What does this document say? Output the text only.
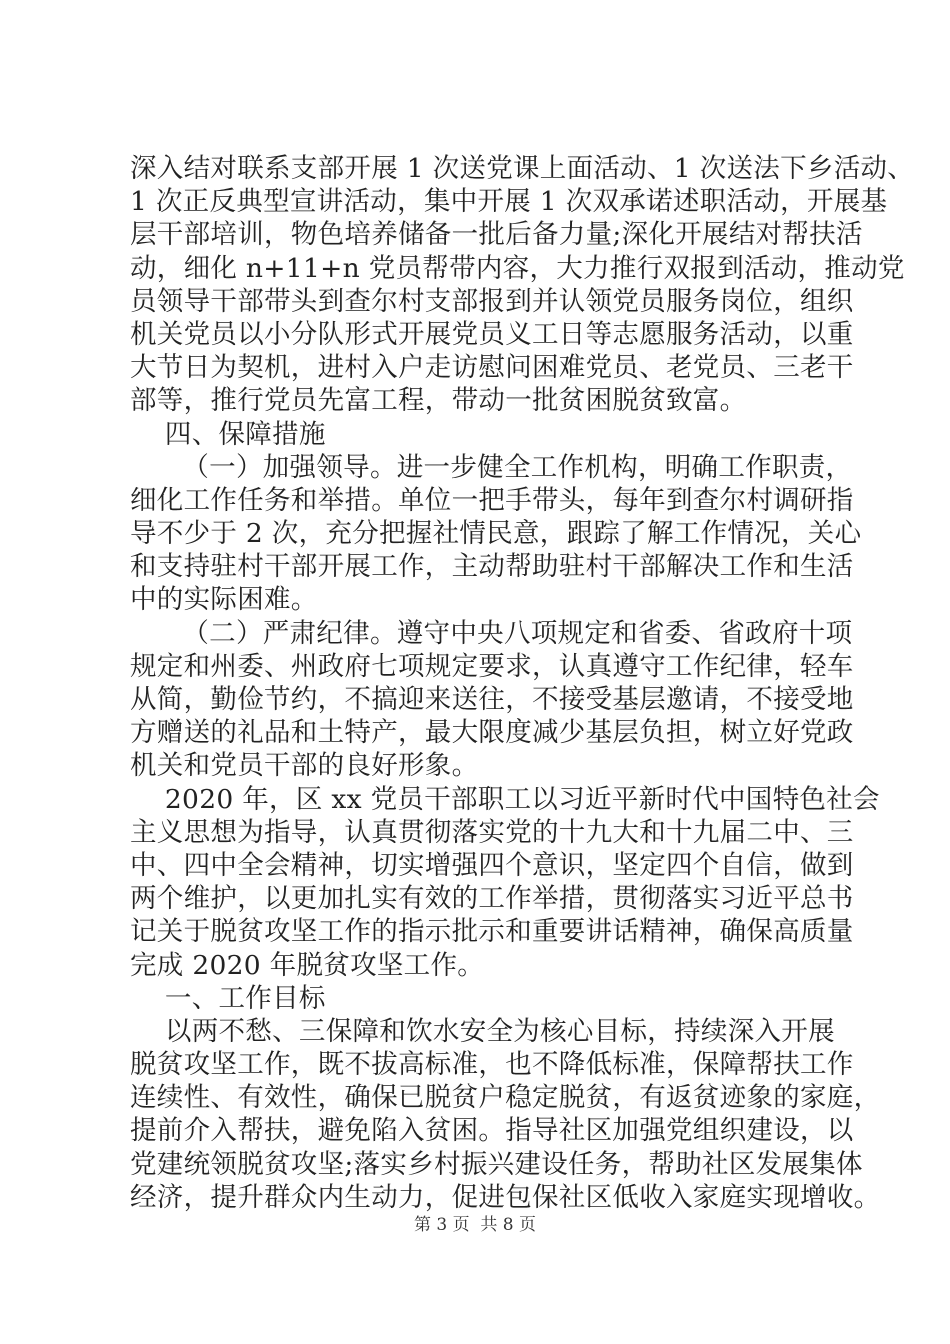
深入结对联系支部开展 1 次送党课上面活动、1 次送法下乡活动、
1 次正反典型宣讲活动，集中开展 1 次双承诺述职活动，开展基
层干部培训，物色培养储备一批后备力量;深化开展结对帮扶活
动，细化 n+11+n 党员帮带内容，大力推行双报到活动，推动党
员领导干部带头到查尔村支部报到并认领党员服务岗位，组织
机关党员以小分队形式开展党员义工日等志愿服务活动，以重
大节日为契机，进村入户走访慰问困难党员、老党员、三老干
部等，推行党员先富工程，带动一批贫困脱贫致富。
四、保障措施
（一）加强领导。进一步健全工作机构，明确工作职责，
细化工作任务和举措。单位一把手带头，每年到查尔村调研指
导不少于 2 次，充分把握社情民意，跟踪了解工作情况，关心
和支持驻村干部开展工作，主动帮助驻村干部解决工作和生活
中的实际困难。
（二）严肃纪律。遵守中央八项规定和省委、省政府十项
规定和州委、州政府七项规定要求，认真遵守工作纪律，轻车
从简，勤俭节约，不搞迎来送往，不接受基层邀请，不接受地
方赠送的礼品和土特产，最大限度减少基层负担，树立好党政
机关和党员干部的良好形象。
2020 年，区 xx 党员干部职工以习近平新时代中国特色社会
主义思想为指导，认真贯彻落实党的十九大和十九届二中、三
中、四中全会精神，切实增强四个意识，坚定四个自信，做到
两个维护，以更加扎实有效的工作举措，贯彻落实习近平总书
记关于脱贫攻坚工作的指示批示和重要讲话精神，确保高质量
完成 2020 年脱贫攻坚工作。
一、工作目标
以两不愁、三保障和饮水安全为核心目标，持续深入开展
脱贫攻坚工作，既不拔高标准，也不降低标准，保障帮扶工作
连续性、有效性，确保已脱贫户稳定脱贫，有返贫迹象的家庭，
提前介入帮扶，避免陷入贫困。指导社区加强党组织建设，以
党建统领脱贫攻坚;落实乡村振兴建设任务，帮助社区发展集体
经济，提升群众内生动力，促进包保社区低收入家庭实现增收。
第 3 页  共 8 页
